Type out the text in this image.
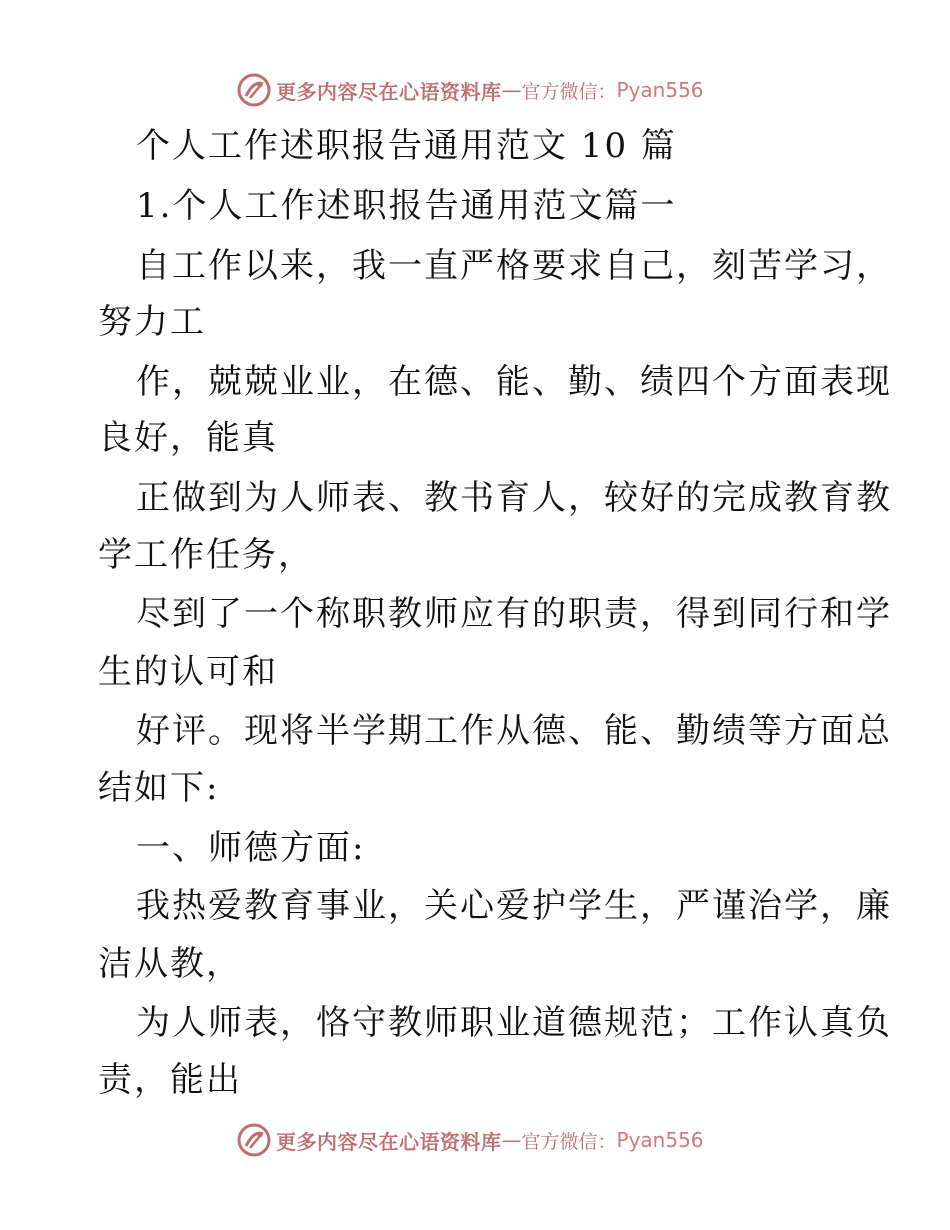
更多内容尽在心语资料库 — 官方微信： Pyan556
个人工作述职报告通用范文 10 篇
1.个人工作述职报告通用范文篇一
自工作以来，我一直严格要求自己，刻苦学习，
努力工
作，兢兢业业，在德、能、勤、绩四个方面表现
良好，能真
正做到为人师表、教书育人，较好的完成教育教
学工作任务，
尽到了一个称职教师应有的职责，得到同行和学
生的认可和
好评。现将半学期工作从德、能、勤绩等方面总
结如下:
一、师德方面:
我热爱教育事业，关心爱护学生，严谨治学，廉
洁从教，
为人师表，恪守教师职业道德规范；工作认真负
责，能出
更多内容尽在心语资料库 — 官方微信： Pyan556
